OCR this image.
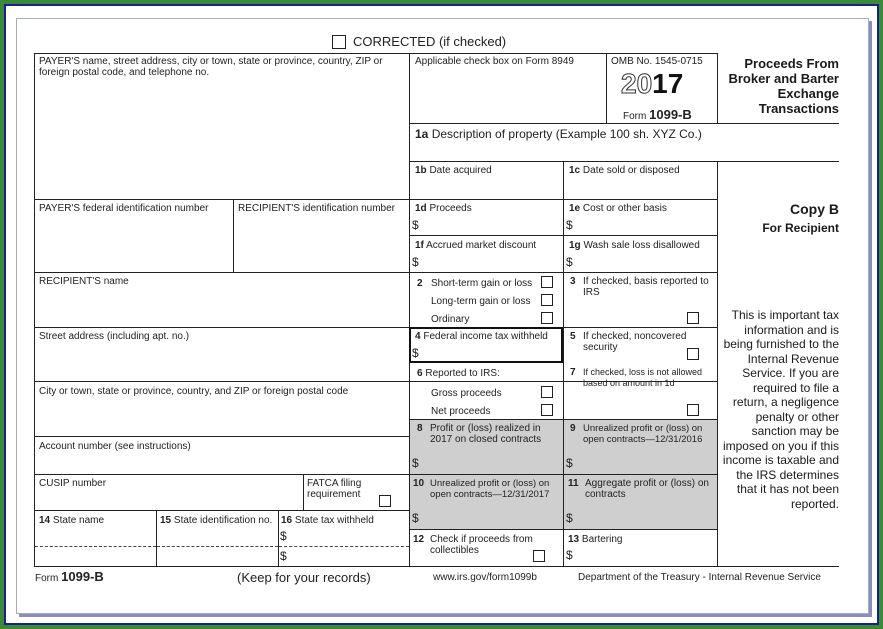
CORRECTED (if checked)
PAYER'S name, street address, city or town, state or province, country, ZIP or foreign postal code, and telephone no.
PAYER'S federal identification number	RECIPIENT'S identification number
RECIPIENT'S name
Street address (including apt. no.)
City or town, state or province, country, and ZIP or foreign postal code
Account number (see instructions)
CUSIP number	FATCA filing requirement
14 State name	15 State identification no. 16 State tax withheld
$
$
Applicable check box on Form 8949	OMB No. 1545-0715
2017
Form 1099-B
1a Description of property (Example 100 sh. XYZ Co.)
1b Date acquired	1c Date sold or disposed
1d Proceeds
$
1e Cost or other basis
$
1f Accrued market discount
$
1g Wash sale loss disallowed
$
2 Short-term gain or loss
Long-term gain or loss
Ordinary
3 If checked, basis reported to IRS
4 Federal income tax withheld
$
5 If checked, noncovered security
6 Reported to IRS:
Gross proceeds
Net proceeds
7 If checked, loss is not allowed based on amount in 1d
8 Profit or (loss) realized in 2017 on closed contracts
$
9 Unrealized profit or (loss) on open contracts—12/31/2016
$
10 Unrealized profit or (loss) on open contracts—12/31/2017
$
11 Aggregate profit or (loss) on contracts
$
12 Check if proceeds from collectibles
13 Bartering
$
Proceeds From Broker and Barter Exchange Transactions
Copy B
For Recipient
This is important tax information and is being furnished to the Internal Revenue Service. If you are required to file a return, a negligence penalty or other sanction may be imposed on you if this income is taxable and the IRS determines that it has not been reported.
Form 1099-B	(Keep for your records)	www.irs.gov/form1099b	Department of the Treasury - Internal Revenue Service
